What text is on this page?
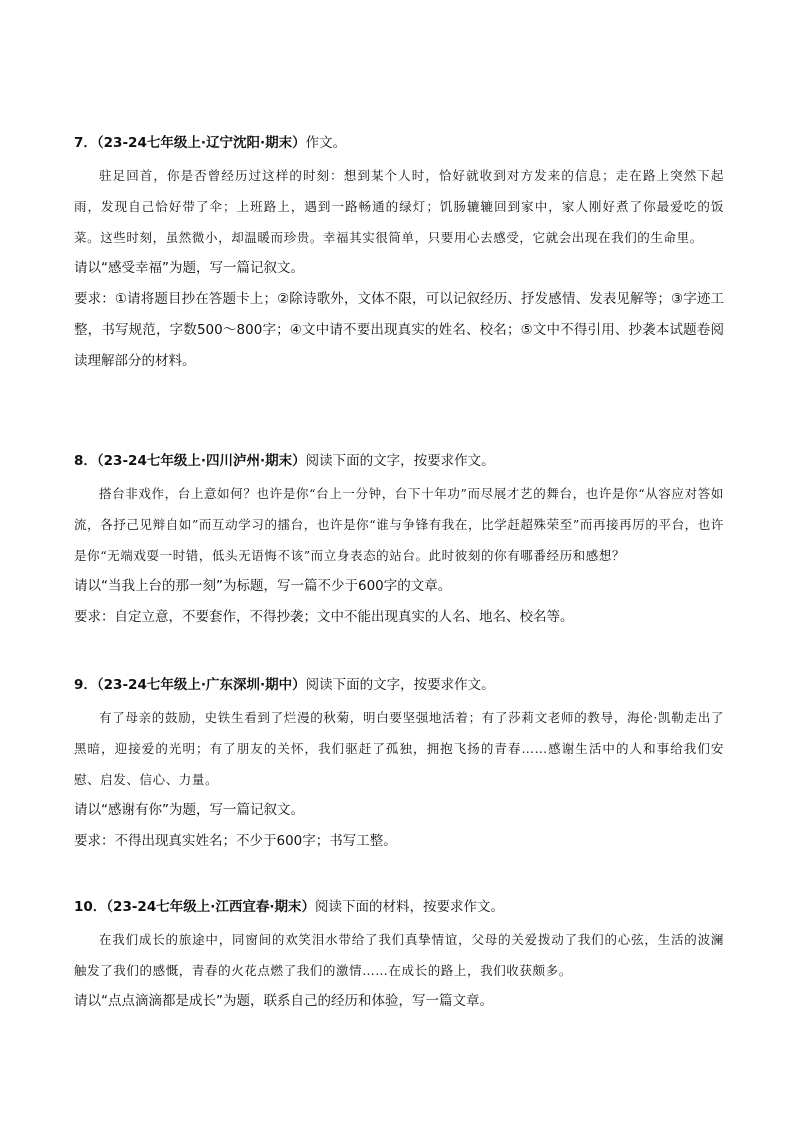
7．（23-24七年级上·辽宁沈阳·期末）作文。
驻足回首，你是否曾经历过这样的时刻：想到某个人时，恰好就收到对方发来的信息；走在路上突然下起雨，发现自己恰好带了伞；上班路上，遇到一路畅通的绿灯；饥肠辘辘回到家中，家人刚好煮了你最爱吃的饭菜。这些时刻，虽然微小，却温暖而珍贵。幸福其实很简单，只要用心去感受，它就会出现在我们的生命里。
请以“感受幸福”为题，写一篇记叙文。
要求：①请将题目抄在答题卡上；②除诗歌外，文体不限，可以记叙经历、抒发感情、发表见解等；③字迹工整，书写规范，字数500～800字；④文中请不要出现真实的姓名、校名；⑤文中不得引用、抄袭本试题卷阅读理解部分的材料。
8．（23-24七年级上·四川泸州·期末）阅读下面的文字，按要求作文。
搭台非戏作，台上意如何？也许是你“台上一分钟，台下十年功”而尽展才艺的舞台，也许是你“从容应对答如流，各抒己见辩自如”而互动学习的擂台，也许是你“谁与争锋有我在，比学赶超殊荣至”而再接再厉的平台，也许是你“无端戏耍一时错，低头无语悔不该”而立身表态的站台。此时彼刻的你有哪番经历和感想？
请以“当我上台的那一刻”为标题，写一篇不少于600字的文章。
要求：自定立意，不要套作，不得抄袭；文中不能出现真实的人名、地名、校名等。
9．（23-24七年级上·广东深圳·期中）阅读下面的文字，按要求作文。
有了母亲的鼓励，史铁生看到了烂漫的秋菊，明白要坚强地活着；有了莎莉文老师的教导，海伦·凯勒走出了黑暗，迎接爱的光明；有了朋友的关怀，我们驱赶了孤独，拥抱飞扬的青春……感谢生活中的人和事给我们安慰、启发、信心、力量。
请以“感谢有你”为题，写一篇记叙文。
要求：不得出现真实姓名；不少于600字；书写工整。
10．（23-24七年级上·江西宜春·期末）阅读下面的材料，按要求作文。
在我们成长的旅途中，同窗间的欢笑泪水带给了我们真挚情谊，父母的关爱拨动了我们的心弦，生活的波澜触发了我们的感慨，青春的火花点燃了我们的激情……在成长的路上，我们收获颇多。
请以“点点滴滴都是成长”为题，联系自己的经历和体验，写一篇文章。
